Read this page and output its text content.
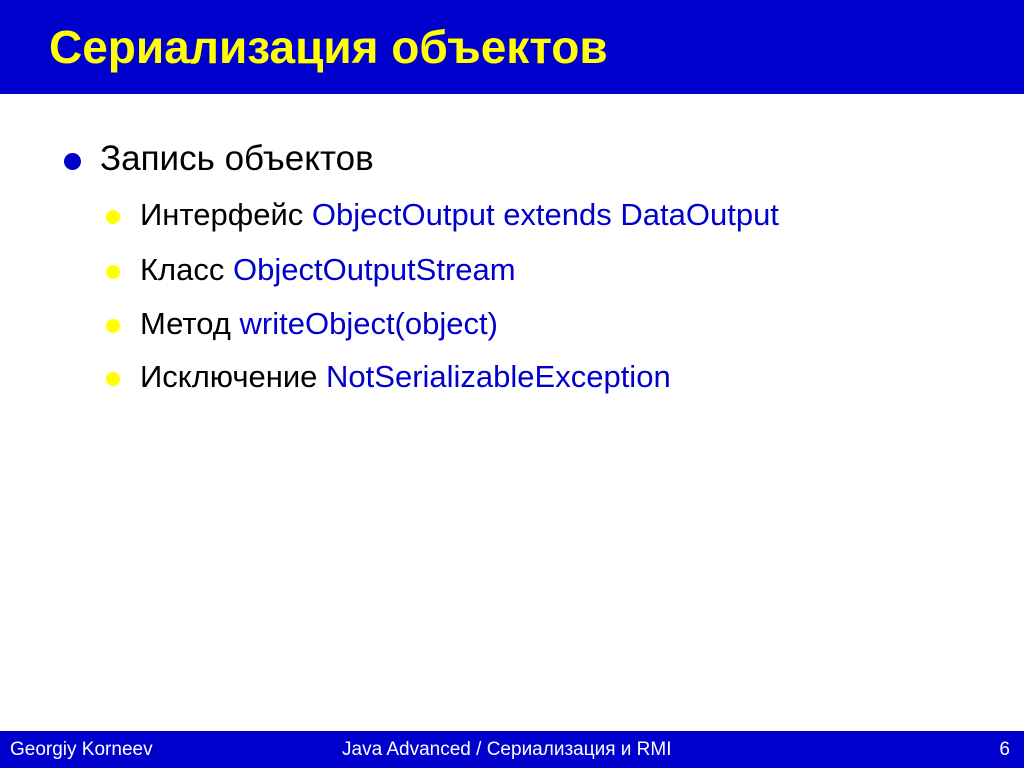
Сериализация объектов
Запись объектов
Интерфейс ObjectOutput extends DataOutput
Класс ObjectOutputStream
Метод writeObject(object)
Исключение NotSerializableException
Georgiy Korneev	Java Advanced / Сериализация и RMI	6
